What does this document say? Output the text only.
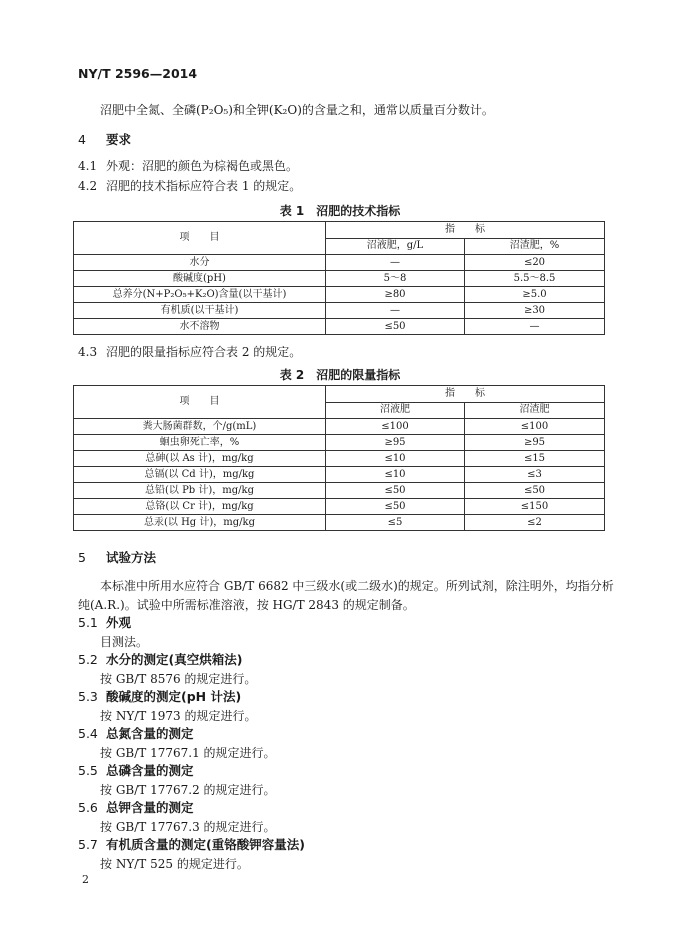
NY/T 2596—2014
沼肥中全氮、全磷(P₂O₅)和全钾(K₂O)的含量之和，通常以质量百分数计。
4 要求
4.1 外观：沼肥的颜色为棕褐色或黑色。
4.2 沼肥的技术指标应符合表 1 的规定。
表 1　沼肥的技术指标
项　　目	指　　标	
	沼液肥，g/L	沼渣肥，%
水分	—	≤20
酸碱度(pH)	5～8	5.5～8.5
总养分(N+P₂O₅+K₂O)含量(以干基计)	≥80	≥5.0
有机质(以干基计)	—	≥30
水不溶物	≤50	—
4.3 沼肥的限量指标应符合表 2 的规定。
表 2　沼肥的限量指标
项　　目	指　　标	
	沼液肥	沼渣肥
粪大肠菌群数，个/g(mL)	≤100	≤100
蛔虫卵死亡率，%	≥95	≥95
总砷(以 As 计)，mg/kg	≤10	≤15
总镉(以 Cd 计)，mg/kg	≤10	≤3
总铅(以 Pb 计)，mg/kg	≤50	≤50
总铬(以 Cr 计)，mg/kg	≤50	≤150
总汞(以 Hg 计)，mg/kg	≤5	≤2
5 试验方法
本标准中所用水应符合 GB/T 6682 中三级水(或二级水)的规定。所列试剂，除注明外，均指分析
纯(A.R.)。试验中所需标准溶液，按 HG/T 2843 的规定制备。
5.1 外观
目测法。
5.2 水分的测定(真空烘箱法)
按 GB/T 8576 的规定进行。
5.3 酸碱度的测定(pH 计法)
按 NY/T 1973 的规定进行。
5.4 总氮含量的测定
按 GB/T 17767.1 的规定进行。
5.5 总磷含量的测定
按 GB/T 17767.2 的规定进行。
5.6 总钾含量的测定
按 GB/T 17767.3 的规定进行。
5.7 有机质含量的测定(重铬酸钾容量法)
按 NY/T 525 的规定进行。
2
